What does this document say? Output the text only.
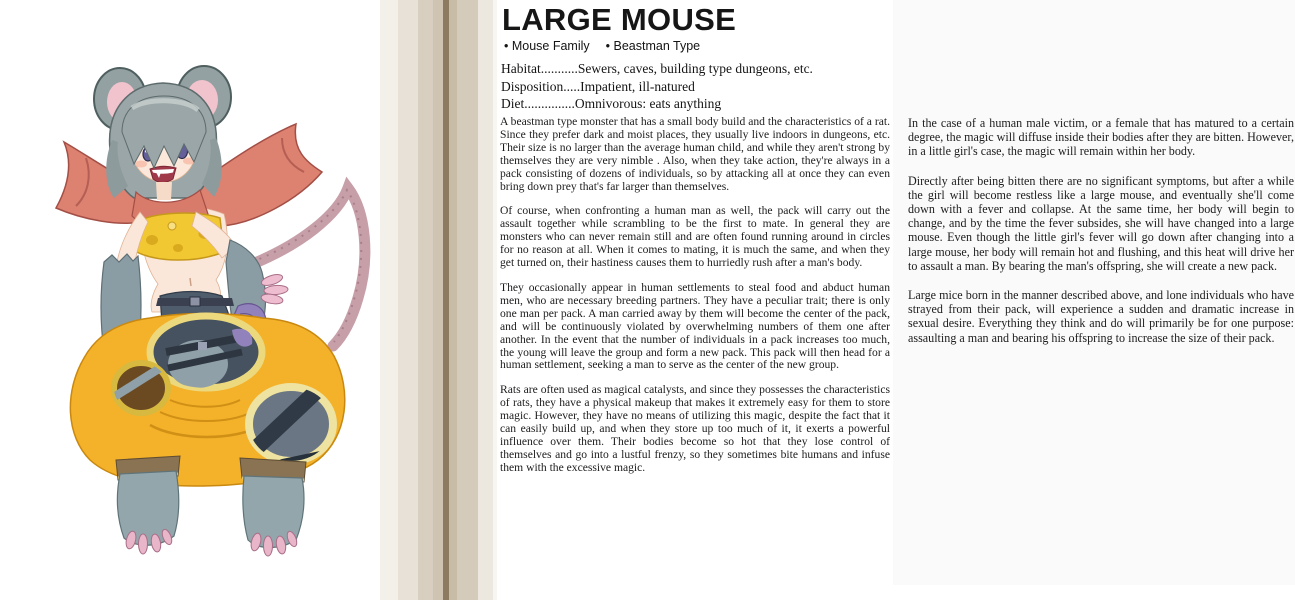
LARGE MOUSE
• Mouse Family • Beastman Type
Habitat...........Sewers, caves, building type dungeons, etc.
Disposition.....Impatient, ill-natured
Diet...............Omnivorous: eats anything

A beastman type monster that has a small body build and the characteristics of a rat. Since they prefer dark and moist places, they usually live indoors in dungeons, etc. Their size is no larger than the average human child, and while they aren't strong by themselves they are very nimble . Also, when they take action, they're always in a pack consisting of dozens of individuals, so by attacking all at once they can even bring down prey that's far larger than themselves.

Of course, when confronting a human man as well, the pack will carry out the assault together while scrambling to be the first to mate. In general they are monsters who can never remain still and are often found running around in circles for no reason at all. When it comes to mating, it is much the same, and when they get turned on, their hastiness causes them to hurriedly rush after a man's body.

They occasionally appear in human settlements to steal food and abduct human men, who are necessary breeding partners. They have a peculiar trait; there is only one man per pack. A man carried away by them will become the center of the pack, and will be continuously violated by overwhelming numbers of them one after another. In the event that the number of individuals in a pack increases too much, the young will leave the group and form a new pack. This pack will then head for a human settlement, seeking a man to serve as the center of the new group.

Rats are often used as magical catalysts, and since they possesses the characteristics of rats, they have a physical makeup that makes it extremely easy for them to store magic. However, they have no means of utilizing this magic, despite the fact that it can easily build up, and when they store up too much of it, it exerts a powerful influence over them. Their bodies become so hot that they lose control of themselves and go into a lustful frenzy, so they sometimes bite humans and infuse them with the excessive magic.

In the case of a human male victim, or a female that has matured to a certain degree, the magic will diffuse inside their bodies after they are bitten. However, in a little girl's case, the magic will remain within her body.

Directly after being bitten there are no significant symptoms, but after a while the girl will become restless like a large mouse, and eventually she'll come down with a fever and collapse. At the same time, her body will begin to change, and by the time the fever subsides, she will have changed into a large mouse. Even though the little girl's fever will go down after changing into a large mouse, her body will remain hot and flushing, and this heat will drive her to assault a man. By bearing the man's offspring, she will create a new pack.

Large mice born in the manner described above, and lone individuals who have strayed from their pack, will experience a sudden and dramatic increase in sexual desire. Everything they think and do will primarily be for one purpose: assaulting a man and bearing his offspring to increase the size of their pack.
